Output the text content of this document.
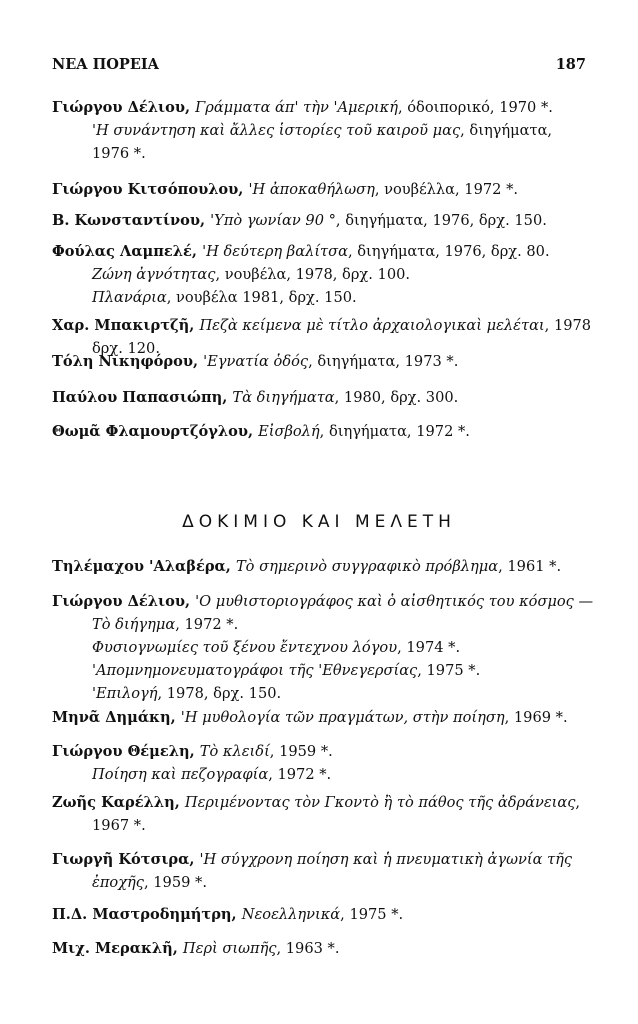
ΝΕΑ ΠΟΡΕΙΑ	187
Γιώργου Δέλιου, Γράμματα άπ' τὴν 'Αμερική, όδοιπορικό, 1970 *.
'Η συνάντηση καὶ ἄλλες ἱστορίες τοῦ καιροῦ μας, διηγήματα,
1976 *.
Γιώργου Κιτσόπουλου, 'Η ἀποκαθήλωση, νουβέλλα, 1972 *.
Β. Κωνσταντίνου, 'Υπὸ γωνίαν 90 °, διηγήματα, 1976, δρχ. 150.
Φούλας Λαμπελέ, 'Η δεύτερη βαλίτσα, διηγήματα, 1976, δρχ. 80.
Ζώνη ἀγνότητας, νουβέλα, 1978, δρχ. 100.
Πλανάρια, νουβέλα 1981, δρχ. 150.
Χαρ. Μπακιρτζῆ, Πεζὰ κείμενα μὲ τίτλο ἀρχαιολογικαὶ μελέται, 1978
δρχ. 120.
Τόλη Νικηφόρου, 'Εγνατία ὁδός, διηγήματα, 1973 *.
Παύλου Παπασιώπη, Τὰ διηγήματα, 1980, δρχ. 300.
Θωμᾶ Φλαμουρτζόγλου, Εἰσβολή, διηγήματα, 1972 *.
ΔΟΚΙΜΙΟ ΚΑΙ ΜΕΛΕΤΗ
Τηλέμαχου 'Αλαβέρα, Τὸ σημερινὸ συγγραφικὸ πρόβλημα, 1961 *.
Γιώργου Δέλιου, 'Ο μυθιστοριογράφος καὶ ὁ αἰσθητικός του κόσμος —
Τὸ διήγημα, 1972 *.
Φυσιογνωμίες τοῦ ξένου ἔντεχνου λόγου, 1974 *.
'Απομνημονευματογράφοι τῆς 'Εθνεγερσίας, 1975 *.
'Επιλογή, 1978, δρχ. 150.
Μηνᾶ Δημάκη, 'Η μυθολογία τῶν πραγμάτων, στὴν ποίηση, 1969 *.
Γιώργου Θέμελη, Τὸ κλειδί, 1959 *.
Ποίηση καὶ πεζογραφία, 1972 *.
Ζωῆς Καρέλλη, Περιμένοντας τὸν Γκοντὸ ἢ τὸ πάθος τῆς ἀδράνειας,
1967 *.
Γιωργῆ Κότσιρα, 'Η σύγχρονη ποίηση καὶ ἡ πνευματικὴ ἀγωνία τῆς
ἐποχῆς, 1959 *.
Π.Δ. Μαστροδημήτρη, Νεοελληνικά, 1975 *.
Μιχ. Μερακλῆ, Περὶ σιωπῆς, 1963 *.
